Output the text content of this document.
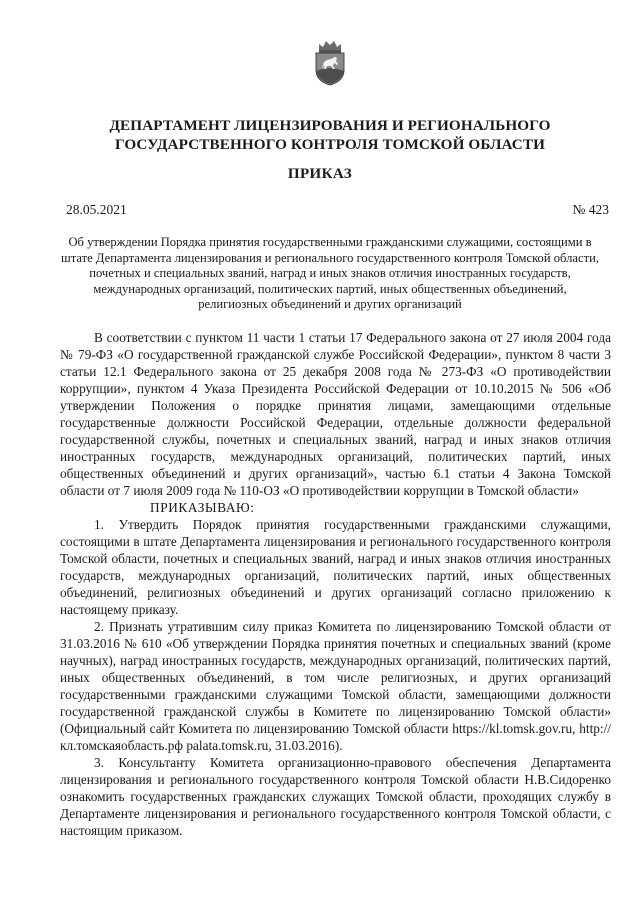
ДЕПАРТАМЕНТ ЛИЦЕНЗИРОВАНИЯ И РЕГИОНАЛЬНОГО
ГОСУДАРСТВЕННОГО КОНТРОЛЯ ТОМСКОЙ ОБЛАСТИ
ПРИКАЗ
28.05.2021	№ 423
Об утверждении Порядка принятия государственными гражданскими служащими, состоящими в штате Департамента лицензирования и регионального государственного контроля Томской области, почетных и специальных званий, наград и иных знаков отличия иностранных государств, международных организаций, политических партий, иных общественных объединений, религиозных объединений и других организаций

В соответствии с пунктом 11 части 1 статьи 17 Федерального закона от 27 июля 2004 года № 79-ФЗ «О государственной гражданской службе Российской Федерации», пунктом 8 части 3 статьи 12.1 Федерального закона от 25 декабря 2008 года № 273-ФЗ «О противодействии коррупции», пунктом 4 Указа Президента Российской Федерации от 10.10.2015 № 506 «Об утверждении Положения о порядке принятия лицами, замещающими отдельные государственные должности Российской Федерации, отдельные должности федеральной государственной службы, почетных и специальных званий, наград и иных знаков отличия иностранных государств, международных организаций, политических партий, иных общественных объединений и других организаций», частью 6.1 статьи 4 Закона Томской области от 7 июля 2009 года № 110-ОЗ «О противодействии коррупции в Томской области»

ПРИКАЗЫВАЮ:

1. Утвердить Порядок принятия государственными гражданскими служащими, состоящими в штате Департамента лицензирования и регионального государственного контроля Томской области, почетных и специальных званий, наград и иных знаков отличия иностранных государств, международных организаций, политических партий, иных общественных объединений, религиозных объединений и других организаций согласно приложению к настоящему приказу.

2. Признать утратившим силу приказ Комитета по лицензированию Томской области от 31.03.2016 № 610 «Об утверждении Порядка принятия почетных и специальных званий (кроме научных), наград иностранных государств, международных организаций, политических партий, иных общественных объединений, в том числе религиозных, и других организаций государственными гражданскими служащими Томской области, замещающими должности государственной гражданской службы в Комитете по лицензированию Томской области» (Официальный сайт Комитета по лицензированию Томской области https://kl.tomsk.gov.ru, http://кл.томскаяобласть.рф palata.tomsk.ru, 31.03.2016).

3. Консультанту Комитета организационно-правового обеспечения Департамента лицензирования и регионального государственного контроля Томской области Н.В.Сидоренко ознакомить государственных гражданских служащих Томской области, проходящих службу в Департаменте лицензирования и регионального государственного контроля Томской области, с настоящим приказом.
